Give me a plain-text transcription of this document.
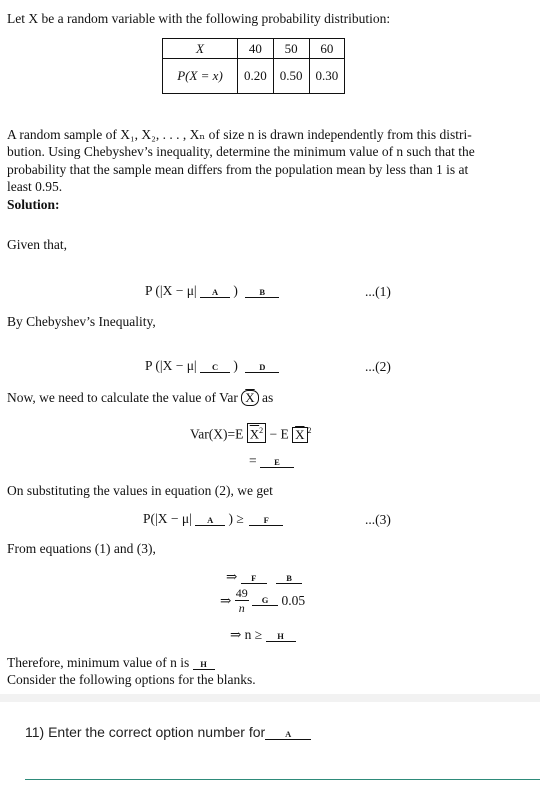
Let X be a random variable with the following probability distribution:
X	40	50	60
P(X = x)	0.20	0.50	0.30
A random sample of X₁, X₂, . . . , Xₙ of size n is drawn independently from this distri-
bution. Using Chebyshev’s inequality, determine the minimum value of n such that the
probability that the sample mean differs from the population mean by less than 1 is at
least 0.95.
Solution:
Given that,
P (|X − μ| A )	B	...(1)
By Chebyshev’s Inequality,
P (|X − μ| C )	D	...(2)
Now, we need to calculate the value of Var $\overline{X}$ as
Var(X)=E $\overline{X}^2 - E$ $\overline{X}$ $^2$
= E
On substituting the values in equation (2), we get
P(|X − μ| A ) ≥ F	...(3)
From equations (1) and (3),
⇒ F	B
⇒ $\frac{49}{n}$ G 0.05
⇒ n ≥ H
Therefore, minimum value of n is H
Consider the following options for the blanks.
11) Enter the correct option number for A
